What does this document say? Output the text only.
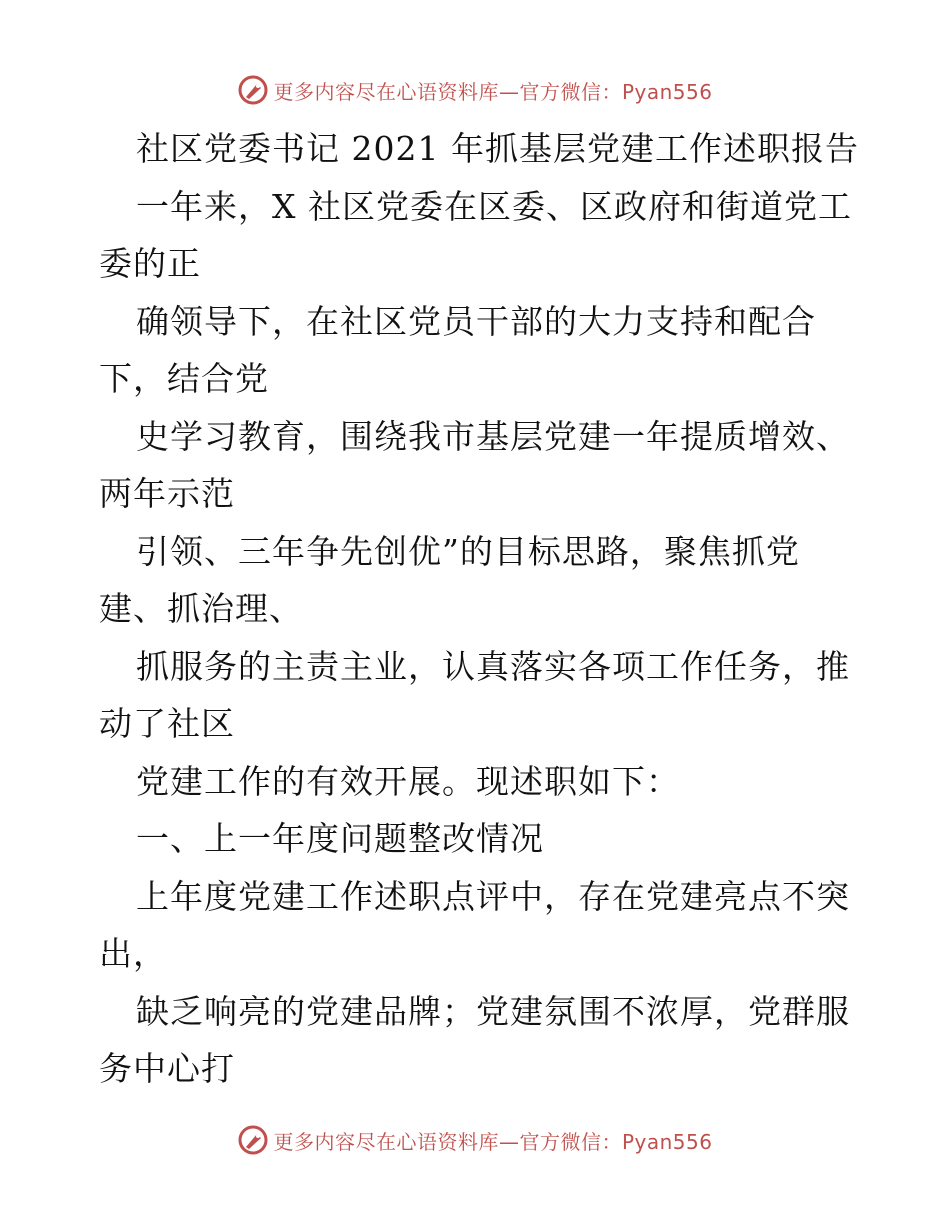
更多内容尽在心语资料库—官方微信：Pyan556
社区党委书记 2021 年抓基层党建工作述职报告
一年来，X 社区党委在区委、区政府和街道党工
委的正
确领导下，在社区党员干部的大力支持和配合
下，结合党
史学习教育，围绕我市基层党建一年提质增效、
两年示范
引领、三年争先创优”的目标思路，聚焦抓党
建、抓治理、
抓服务的主责主业，认真落实各项工作任务，推
动了社区
党建工作的有效开展。现述职如下：
一、上一年度问题整改情况
上年度党建工作述职点评中，存在党建亮点不突
出，
缺乏响亮的党建品牌；党建氛围不浓厚，党群服
务中心打
更多内容尽在心语资料库—官方微信：Pyan556
